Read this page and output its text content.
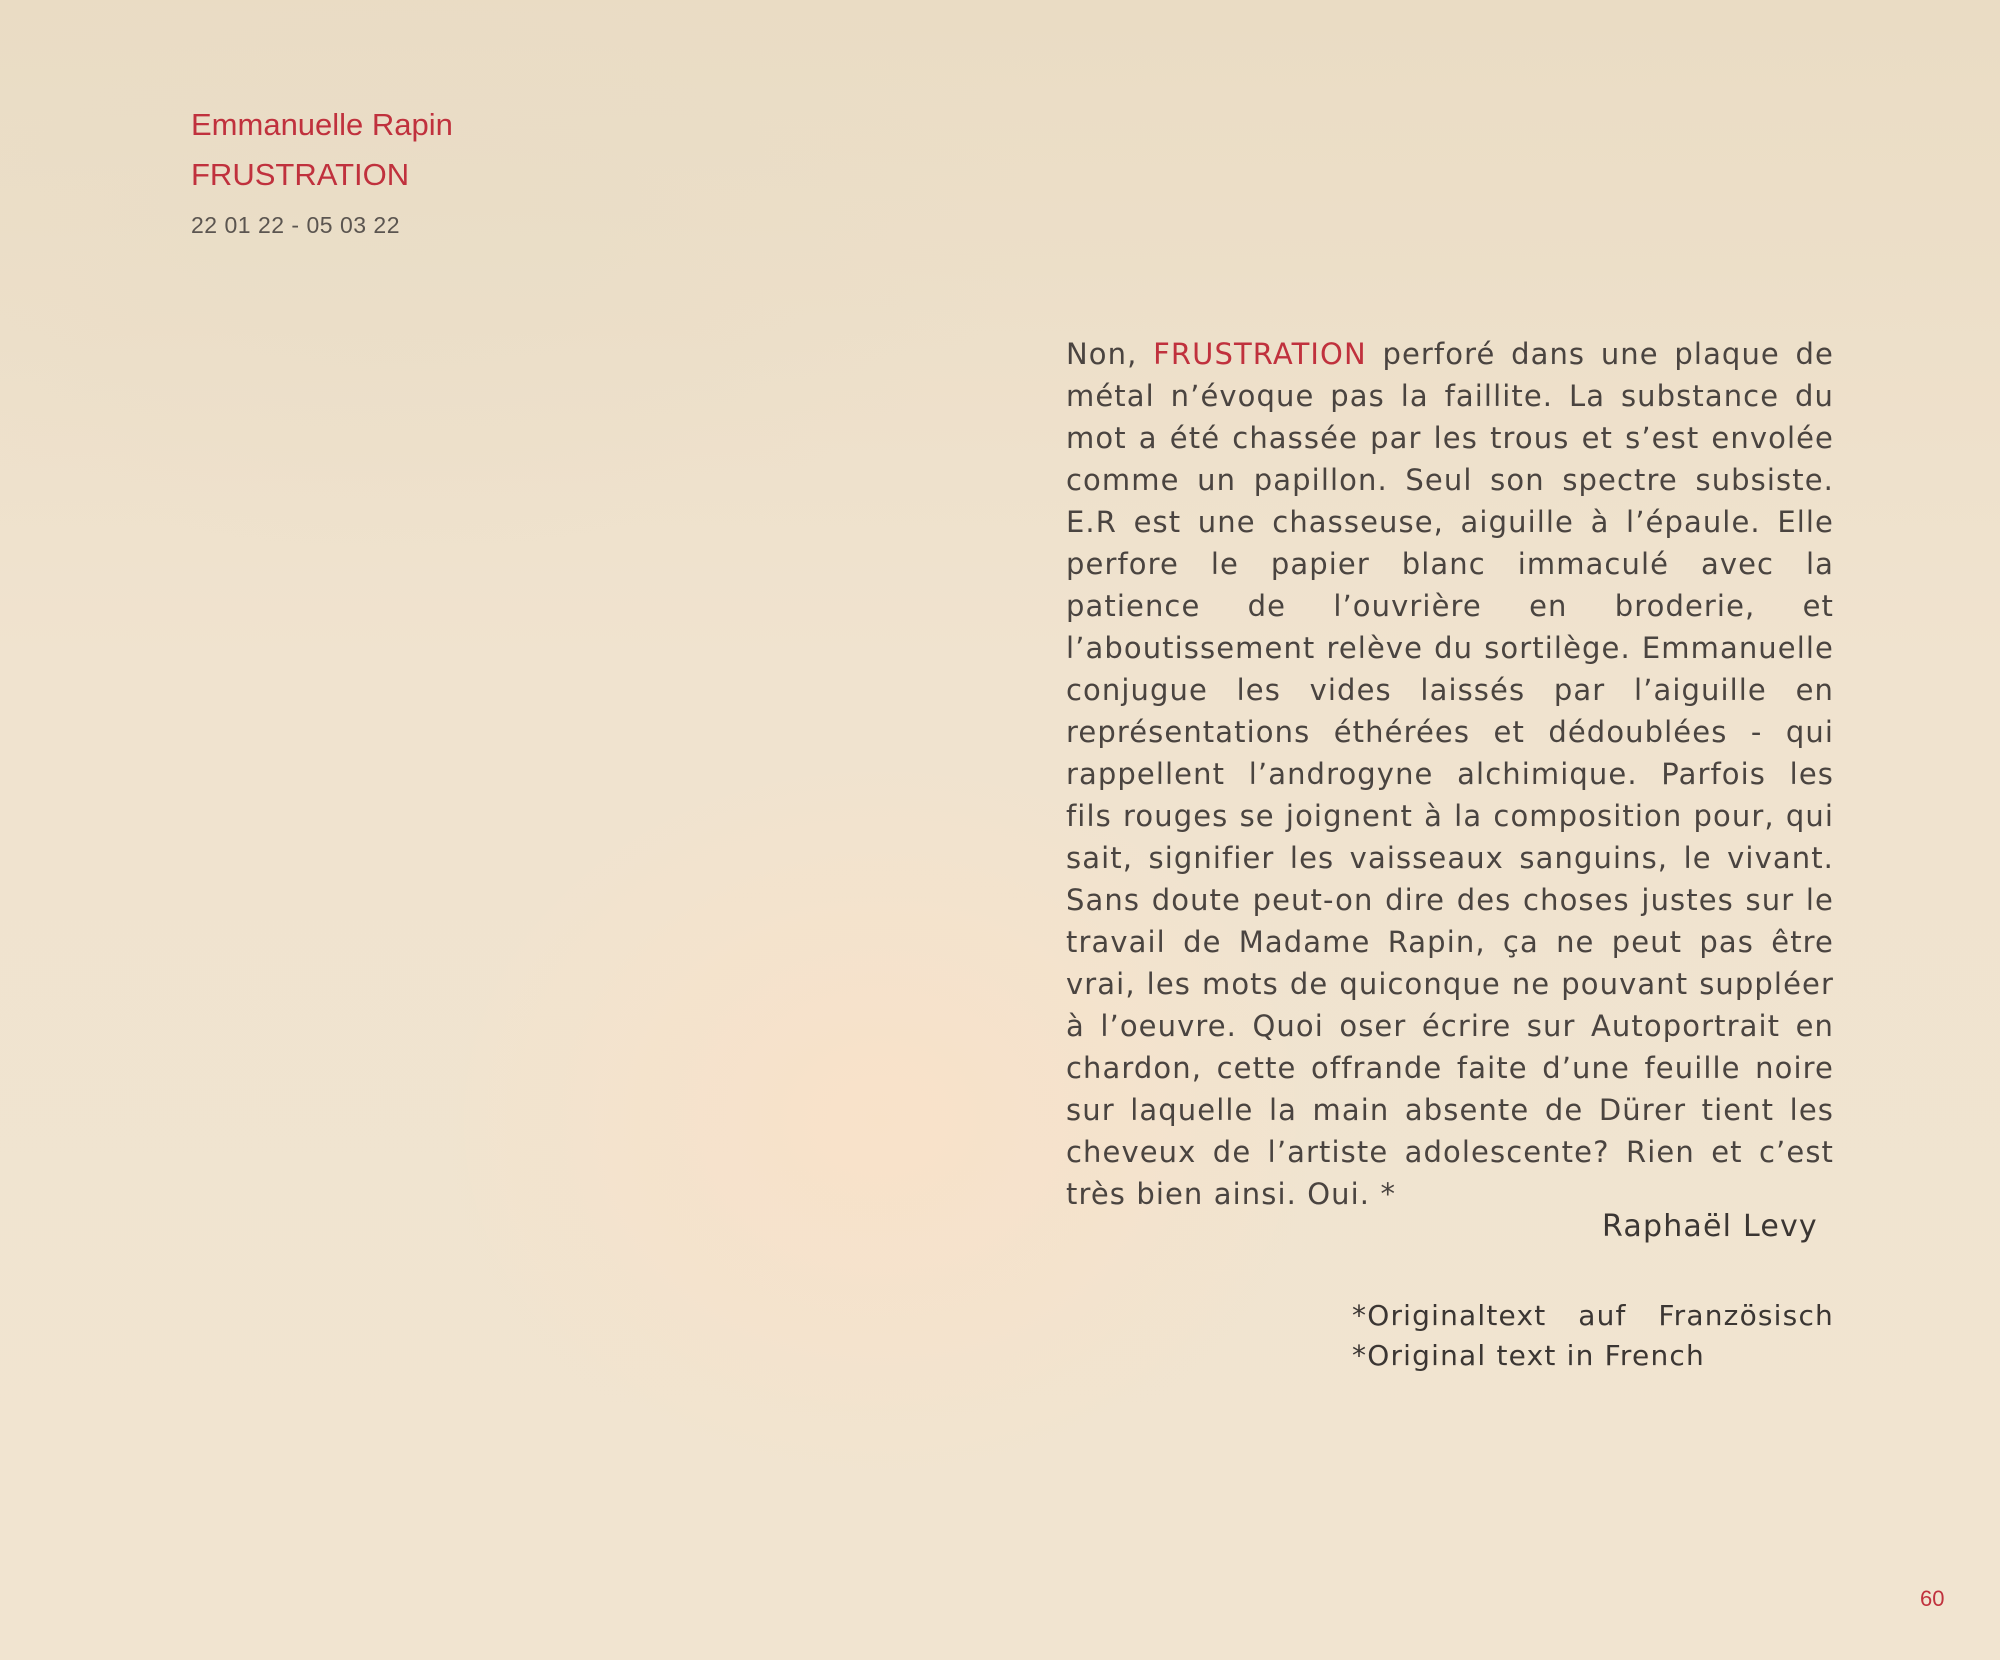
Emmanuelle Rapin
FRUSTRATION
22 01 22 - 05 03 22
Non, FRUSTRATION perforé dans une plaque de métal n’évoque pas la faillite. La substance du mot a été chassée par les trous et s’est envolée comme un papillon. Seul son spectre subsiste. E.R est une chasseuse, aiguille à l’épaule. Elle perfore le papier blanc immaculé avec la patience de l’ouvrière en broderie, et l’aboutissement relève du sortilège. Emmanuelle conjugue les vides laissés par l’aiguille en représentations éthérées et dédoublées - qui rappellent l’androgyne alchimique. Parfois les fils rouges se joignent à la composition pour, qui sait, signifier les vaisseaux sanguins, le vivant. Sans doute peut-on dire des choses justes sur le travail de Madame Rapin, ça ne peut pas être vrai, les mots de quiconque ne pouvant suppléer à l’oeuvre. Quoi oser écrire sur Autoportrait en chardon, cette offrande faite d’une feuille noire sur laquelle la main absente de Dürer tient les cheveux de l’artiste adolescente? Rien et c’est très bien ainsi. Oui. *
Raphaël Levy
*Originaltext auf Französisch
*Original text in French
60
